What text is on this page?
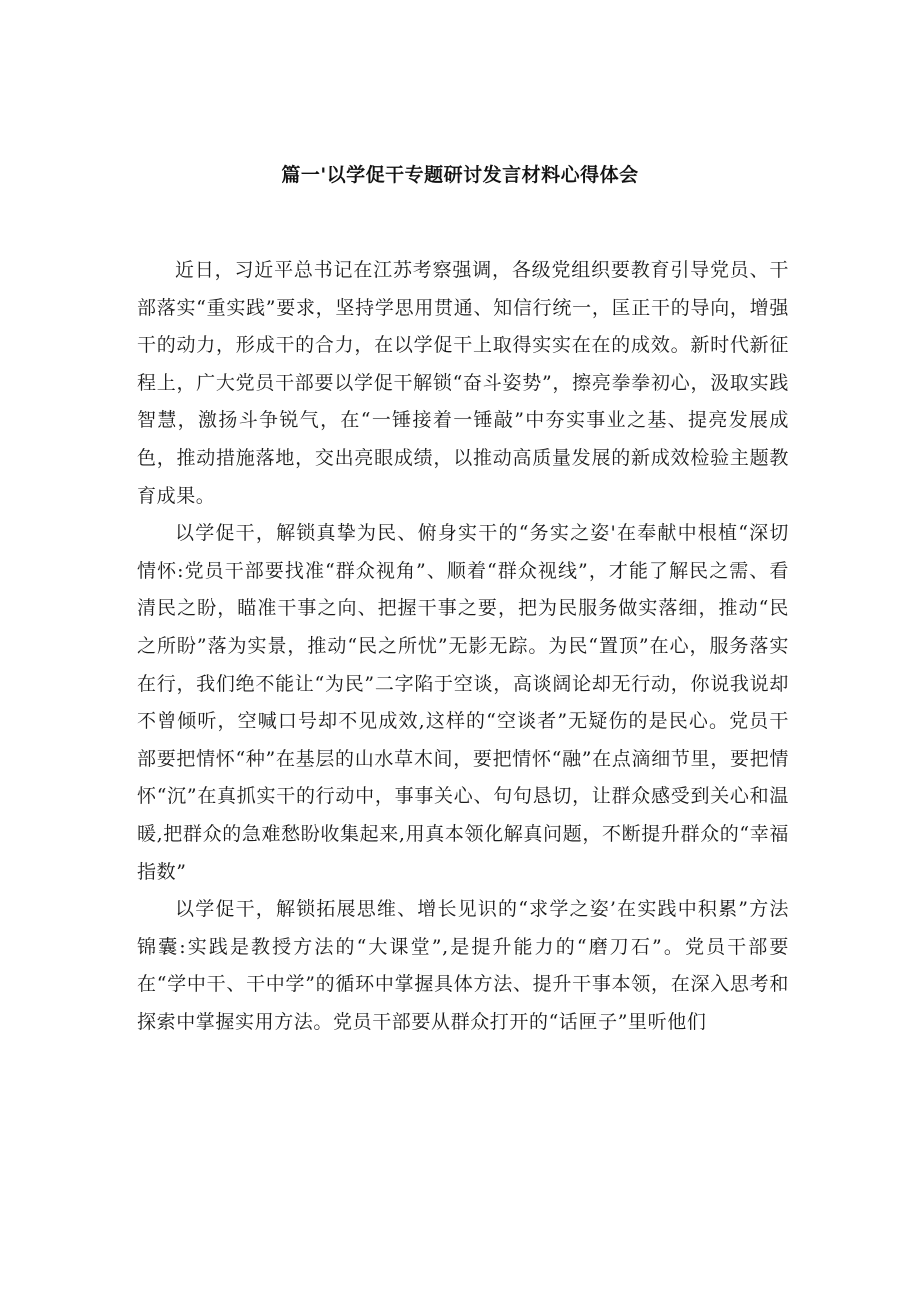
篇一'以学促干专题研讨发言材料心得体会

近日，习近平总书记在江苏考察强调，各级党组织要教育引导党员、干部落实“重实践”要求，坚持学思用贯通、知信行统一，匡正干的导向，增强干的动力，形成干的合力，在以学促干上取得实实在在的成效。新时代新征程上，广大党员干部要以学促干解锁“奋斗姿势”，擦亮拳拳初心，汲取实践智慧，激扬斗争锐气，在“一锤接着一锤敲”中夯实事业之基、提亮发展成色，推动措施落地，交出亮眼成绩，以推动高质量发展的新成效检验主题教育成果。

以学促干，解锁真挚为民、俯身实干的“务实之姿'在奉献中根植“深切情怀:党员干部要找准“群众视角”、顺着“群众视线”，才能了解民之需、看清民之盼，瞄准干事之向、把握干事之要，把为民服务做实落细，推动“民之所盼”落为实景，推动“民之所忧”无影无踪。为民“置顶”在心，服务落实在行，我们绝不能让“为民”二字陷于空谈，高谈阔论却无行动，你说我说却不曾倾听，空喊口号却不见成效,这样的“空谈者”无疑伤的是民心。党员干部要把情怀“种”在基层的山水草木间，要把情怀“融”在点滴细节里，要把情怀“沉”在真抓实干的行动中，事事关心、句句恳切，让群众感受到关心和温暖,把群众的急难愁盼收集起来,用真本领化解真问题，不断提升群众的“幸福指数”

以学促干，解锁拓展思维、增长见识的“求学之姿’在实践中积累”方法锦囊:实践是教授方法的“大课堂”,是提升能力的“磨刀石”。党员干部要在“学中干、干中学”的循环中掌握具体方法、提升干事本领，在深入思考和探索中掌握实用方法。党员干部要从群众打开的“话匣子”里听他们
